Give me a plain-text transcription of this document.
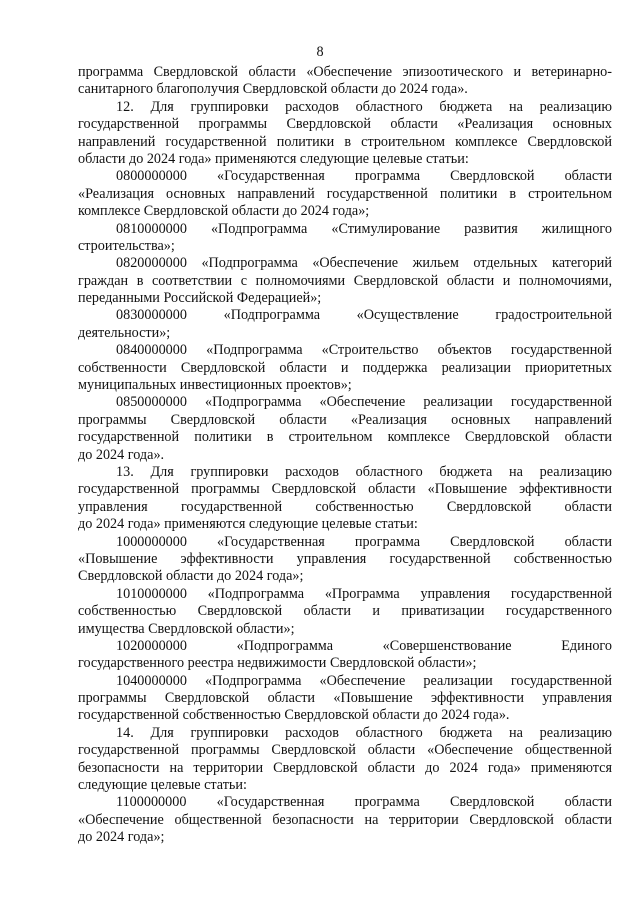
8
программа Свердловской области «Обеспечение эпизоотического и ветеринарно-
санитарного благополучия Свердловской области до 2024 года».
12. Для группировки расходов областного бюджета на реализацию
государственной программы Свердловской области «Реализация основных
направлений государственной политики в строительном комплексе Свердловской
области до 2024 года» применяются следующие целевые статьи:
0800000000 «Государственная программа Свердловской области
«Реализация основных направлений государственной политики в строительном
комплексе Свердловской области до 2024 года»;
0810000000 «Подпрограмма «Стимулирование развития жилищного
строительства»;
0820000000 «Подпрограмма «Обеспечение жильем отдельных категорий
граждан в соответствии с полномочиями Свердловской области и полномочиями,
переданными Российской Федерацией»;
0830000000 «Подпрограмма «Осуществление градостроительной
деятельности»;
0840000000 «Подпрограмма «Строительство объектов государственной
собственности Свердловской области и поддержка реализации приоритетных
муниципальных инвестиционных проектов»;
0850000000 «Подпрограмма «Обеспечение реализации государственной
программы Свердловской области «Реализация основных направлений
государственной политики в строительном комплексе Свердловской области
до 2024 года».
13. Для группировки расходов областного бюджета на реализацию
государственной программы Свердловской области «Повышение эффективности
управления государственной собственностью Свердловской области
до 2024 года» применяются следующие целевые статьи:
1000000000 «Государственная программа Свердловской области
«Повышение эффективности управления государственной собственностью
Свердловской области до 2024 года»;
1010000000 «Подпрограмма «Программа управления государственной
собственностью Свердловской области и приватизации государственного
имущества Свердловской области»;
1020000000 «Подпрограмма «Совершенствование Единого
государственного реестра недвижимости Свердловской области»;
1040000000 «Подпрограмма «Обеспечение реализации государственной
программы Свердловской области «Повышение эффективности управления
государственной собственностью Свердловской области до 2024 года».
14. Для группировки расходов областного бюджета на реализацию
государственной программы Свердловской области «Обеспечение общественной
безопасности на территории Свердловской области до 2024 года» применяются
следующие целевые статьи:
1100000000 «Государственная программа Свердловской области
«Обеспечение общественной безопасности на территории Свердловской области
до 2024 года»;
